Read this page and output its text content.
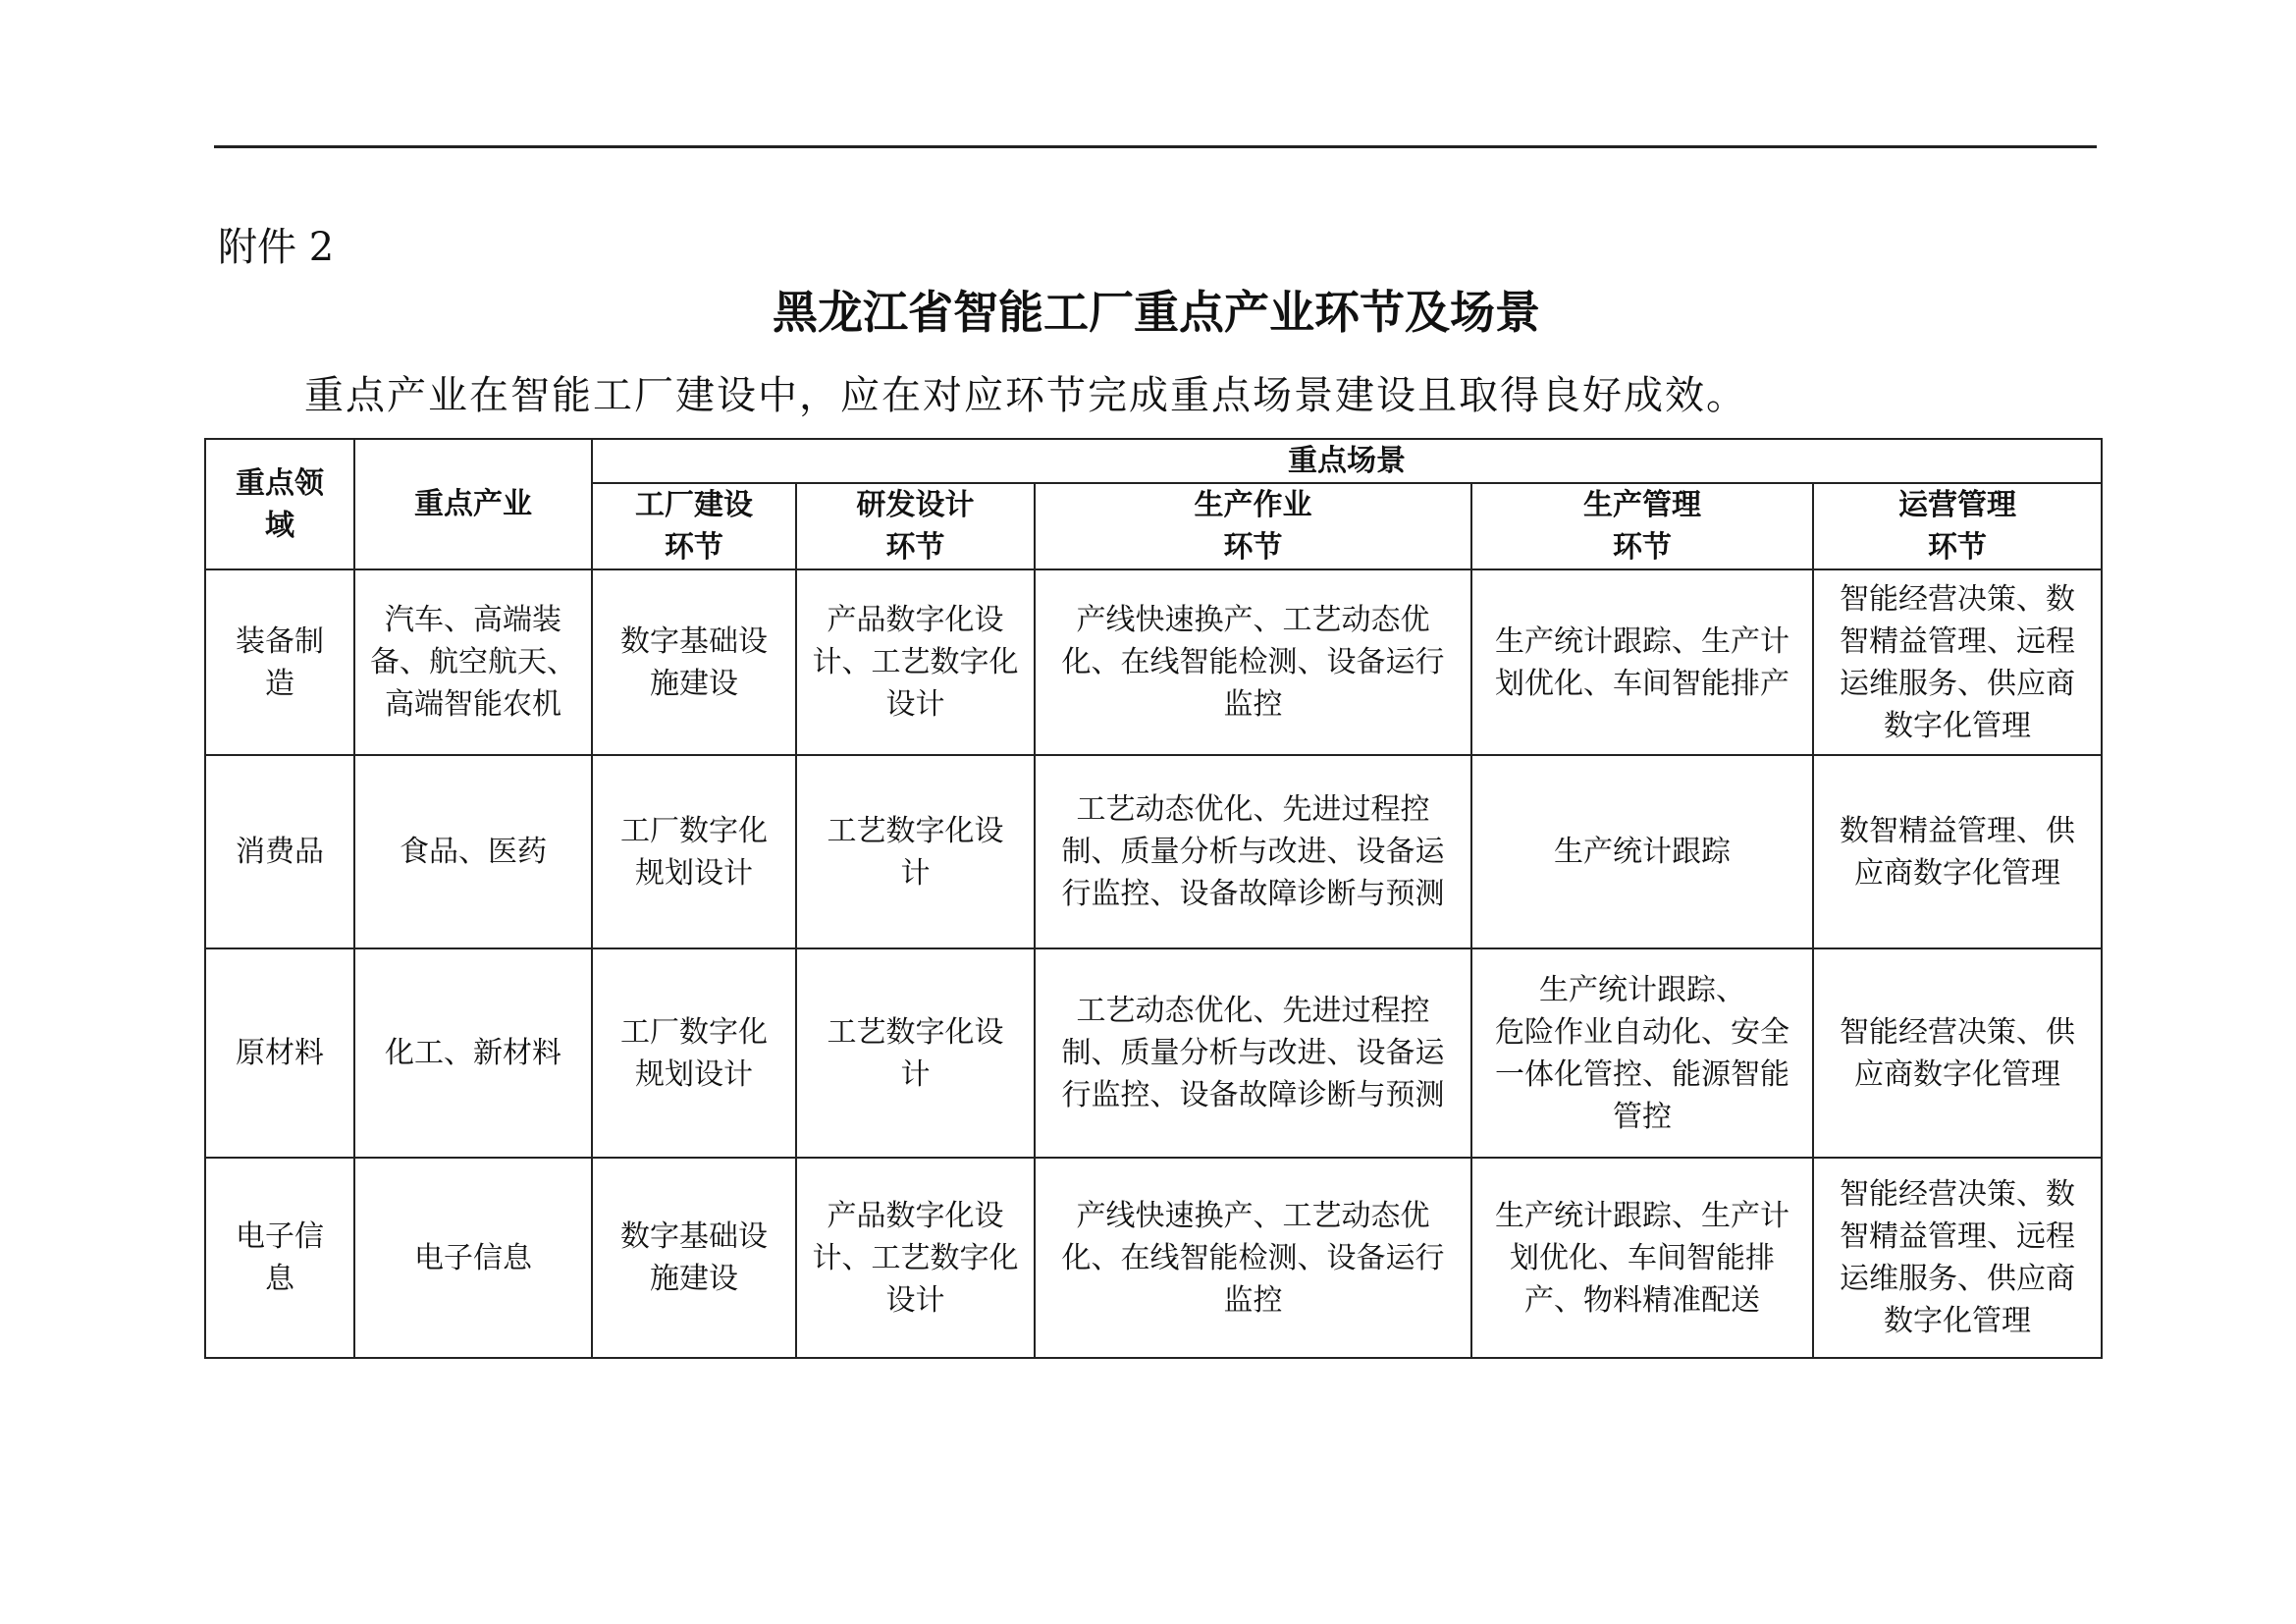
附件 2
黑龙江省智能工厂重点产业环节及场景
重点产业在智能工厂建设中，应在对应环节完成重点场景建设且取得良好成效。
重点领
域	重点产业	重点场景				

		工厂建设
环节	研发设计
环节	生产作业
环节	生产管理
环节	运营管理
环节

装备制
造	汽车、高端装
备、航空航天、
高端智能农机	数字基础设
施建设	产品数字化设
计、工艺数字化
设计	产线快速换产、工艺动态优
化、在线智能检测、设备运行
监控	生产统计跟踪、生产计
划优化、车间智能排产	智能经营决策、数
智精益管理、远程
运维服务、供应商
数字化管理

消费品	食品、医药	工厂数字化
规划设计	工艺数字化设
计	工艺动态优化、先进过程控
制、质量分析与改进、设备运
行监控、设备故障诊断与预测	生产统计跟踪	数智精益管理、供
应商数字化管理

原材料	化工、新材料	工厂数字化
规划设计	工艺数字化设
计	工艺动态优化、先进过程控
制、质量分析与改进、设备运
行监控、设备故障诊断与预测	生产统计跟踪、
危险作业自动化、安全
一体化管控、能源智能
管控	智能经营决策、供
应商数字化管理

电子信
息	电子信息	数字基础设
施建设	产品数字化设
计、工艺数字化
设计	产线快速换产、工艺动态优
化、在线智能检测、设备运行
监控	生产统计跟踪、生产计
划优化、车间智能排
产、物料精准配送	智能经营决策、数
智精益管理、远程
运维服务、供应商
数字化管理
